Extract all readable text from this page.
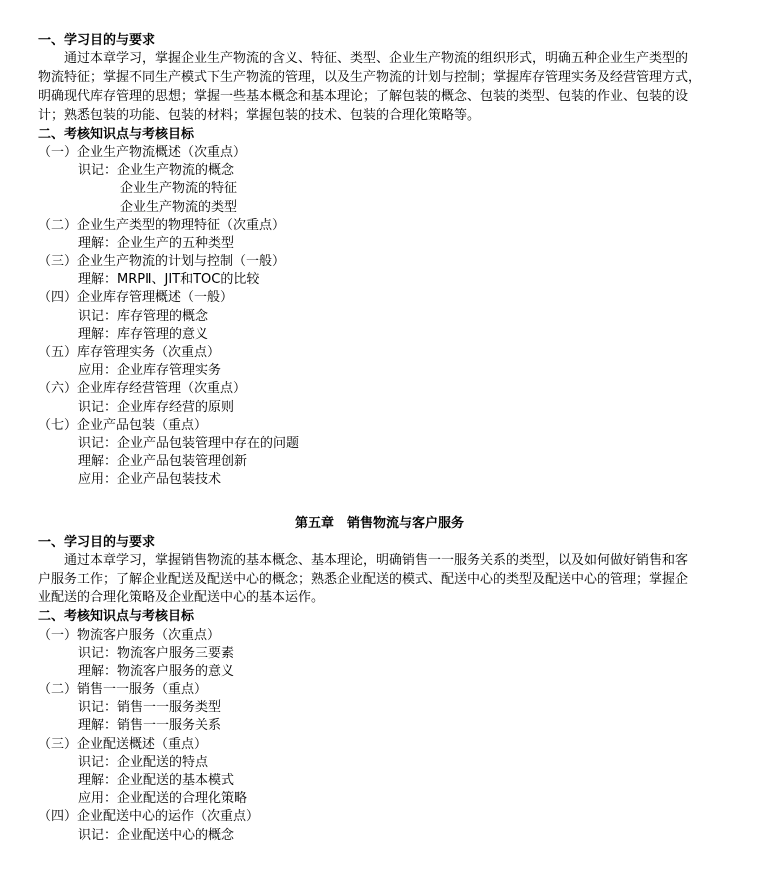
一、学习目的与要求
通过本章学习，掌握企业生产物流的含义、特征、类型、企业生产物流的组织形式，明确五种企业生产类型的
物流特征；掌握不同生产模式下生产物流的管理，以及生产物流的计划与控制；掌握库存管理实务及经营管理方式，
明确现代库存管理的思想；掌握一些基本概念和基本理论；了解包装的概念、包装的类型、包装的作业、包装的设
计；熟悉包装的功能、包装的材料；掌握包装的技术、包装的合理化策略等。
二、考核知识点与考核目标
（一）企业生产物流概述（次重点）
识记：企业生产物流的概念
企业生产物流的特征
企业生产物流的类型
（二）企业生产类型的物理特征（次重点）
理解：企业生产的五种类型
（三）企业生产物流的计划与控制（一般）
理解：MRPⅡ、JIT和TOC的比较
（四）企业库存管理概述（一般）
识记：库存管理的概念
理解：库存管理的意义
（五）库存管理实务（次重点）
应用：企业库存管理实务
（六）企业库存经营管理（次重点）
识记：企业库存经营的原则
（七）企业产品包装（重点）
识记：企业产品包装管理中存在的问题
理解：企业产品包装管理创新
应用：企业产品包装技术
第五章　销售物流与客户服务
一、学习目的与要求
通过本章学习，掌握销售物流的基本概念、基本理论，明确销售一一服务关系的类型，以及如何做好销售和客
户服务工作；了解企业配送及配送中心的概念；熟悉企业配送的模式、配送中心的类型及配送中心的管理；掌握企
业配送的合理化策略及企业配送中心的基本运作。
二、考核知识点与考核目标
（一）物流客户服务（次重点）
识记：物流客户服务三要素
理解：物流客户服务的意义
（二）销售一一服务（重点）
识记：销售一一服务类型
理解：销售一一服务关系
（三）企业配送概述（重点）
识记：企业配送的特点
理解：企业配送的基本模式
应用：企业配送的合理化策略
（四）企业配送中心的运作（次重点）
识记：企业配送中心的概念
